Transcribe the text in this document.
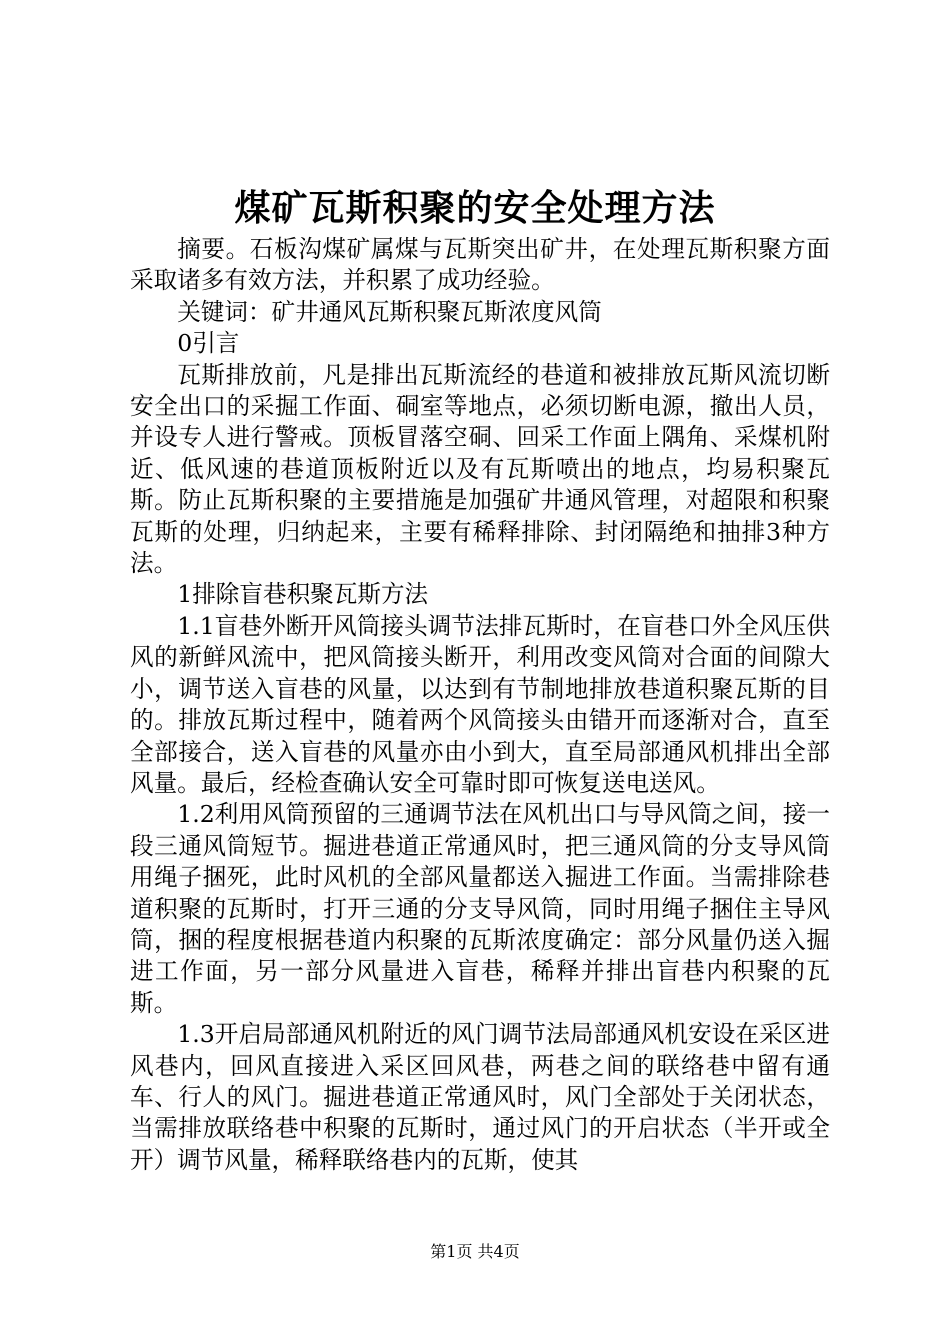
煤矿瓦斯积聚的安全处理方法

摘要。石板沟煤矿属煤与瓦斯突出矿井，在处理瓦斯积聚方面采取诸多有效方法，并积累了成功经验。

关键词：矿井通风瓦斯积聚瓦斯浓度风筒

0引言

瓦斯排放前，凡是排出瓦斯流经的巷道和被排放瓦斯风流切断安全出口的采掘工作面、硐室等地点，必须切断电源，撤出人员，并设专人进行警戒。顶板冒落空硐、回采工作面上隅角、采煤机附近、低风速的巷道顶板附近以及有瓦斯喷出的地点，均易积聚瓦斯。防止瓦斯积聚的主要措施是加强矿井通风管理，对超限和积聚瓦斯的处理，归纳起来，主要有稀释排除、封闭隔绝和抽排3种方法。

1排除盲巷积聚瓦斯方法

1.1盲巷外断开风筒接头调节法排瓦斯时，在盲巷口外全风压供风的新鲜风流中，把风筒接头断开，利用改变风筒对合面的间隙大小，调节送入盲巷的风量，以达到有节制地排放巷道积聚瓦斯的目的。排放瓦斯过程中，随着两个风筒接头由错开而逐渐对合，直至全部接合，送入盲巷的风量亦由小到大，直至局部通风机排出全部风量。最后，经检查确认安全可靠时即可恢复送电送风。

1.2利用风筒预留的三通调节法在风机出口与导风筒之间，接一段三通风筒短节。掘进巷道正常通风时，把三通风筒的分支导风筒用绳子捆死，此时风机的全部风量都送入掘进工作面。当需排除巷道积聚的瓦斯时，打开三通的分支导风筒，同时用绳子捆住主导风筒，捆的程度根据巷道内积聚的瓦斯浓度确定：部分风量仍送入掘进工作面，另一部分风量进入盲巷，稀释并排出盲巷内积聚的瓦斯。

1.3开启局部通风机附近的风门调节法局部通风机安设在采区进风巷内，回风直接进入采区回风巷，两巷之间的联络巷中留有通车、行人的风门。掘进巷道正常通风时，风门全部处于关闭状态，当需排放联络巷中积聚的瓦斯时，通过风门的开启状态（半开或全开）调节风量，稀释联络巷内的瓦斯，使其

第1页 共4页
